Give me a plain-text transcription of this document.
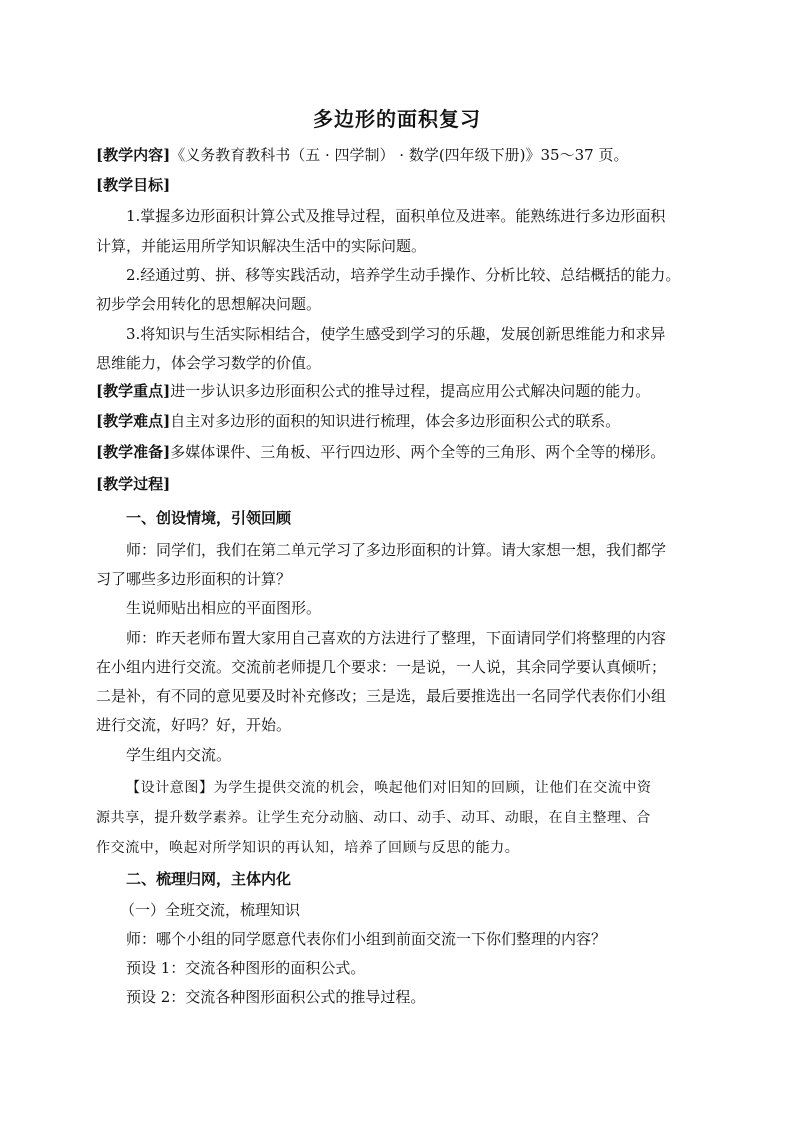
多边形的面积复习
[教学内容]《义务教育教科书（五 · 四学制） · 数学(四年级下册)》35～37 页。
[教学目标]
1.掌握多边形面积计算公式及推导过程，面积单位及进率。能熟练进行多边形面积
计算，并能运用所学知识解决生活中的实际问题。
2.经通过剪、拼、移等实践活动，培养学生动手操作、分析比较、总结概括的能力。
初步学会用转化的思想解决问题。
3.将知识与生活实际相结合，使学生感受到学习的乐趣，发展创新思维能力和求异
思维能力，体会学习数学的价值。
[教学重点]进一步认识多边形面积公式的推导过程，提高应用公式解决问题的能力。
[教学难点]自主对多边形的面积的知识进行梳理，体会多边形面积公式的联系。
[教学准备]多媒体课件、三角板、平行四边形、两个全等的三角形、两个全等的梯形。
[教学过程]
一、创设情境，引领回顾
师：同学们，我们在第二单元学习了多边形面积的计算。请大家想一想，我们都学
习了哪些多边形面积的计算？
生说师贴出相应的平面图形。
师：昨天老师布置大家用自己喜欢的方法进行了整理，下面请同学们将整理的内容
在小组内进行交流。交流前老师提几个要求：一是说，一人说，其余同学要认真倾听；
二是补，有不同的意见要及时补充修改；三是选，最后要推选出一名同学代表你们小组
进行交流，好吗？好，开始。
学生组内交流。
【设计意图】为学生提供交流的机会，唤起他们对旧知的回顾，让他们在交流中资
源共享，提升数学素养。让学生充分动脑、动口、动手、动耳、动眼，在自主整理、合
作交流中，唤起对所学知识的再认知，培养了回顾与反思的能力。
二、梳理归网，主体内化
（一）全班交流，梳理知识
师：哪个小组的同学愿意代表你们小组到前面交流一下你们整理的内容？
预设 1：交流各种图形的面积公式。
预设 2：交流各种图形面积公式的推导过程。
